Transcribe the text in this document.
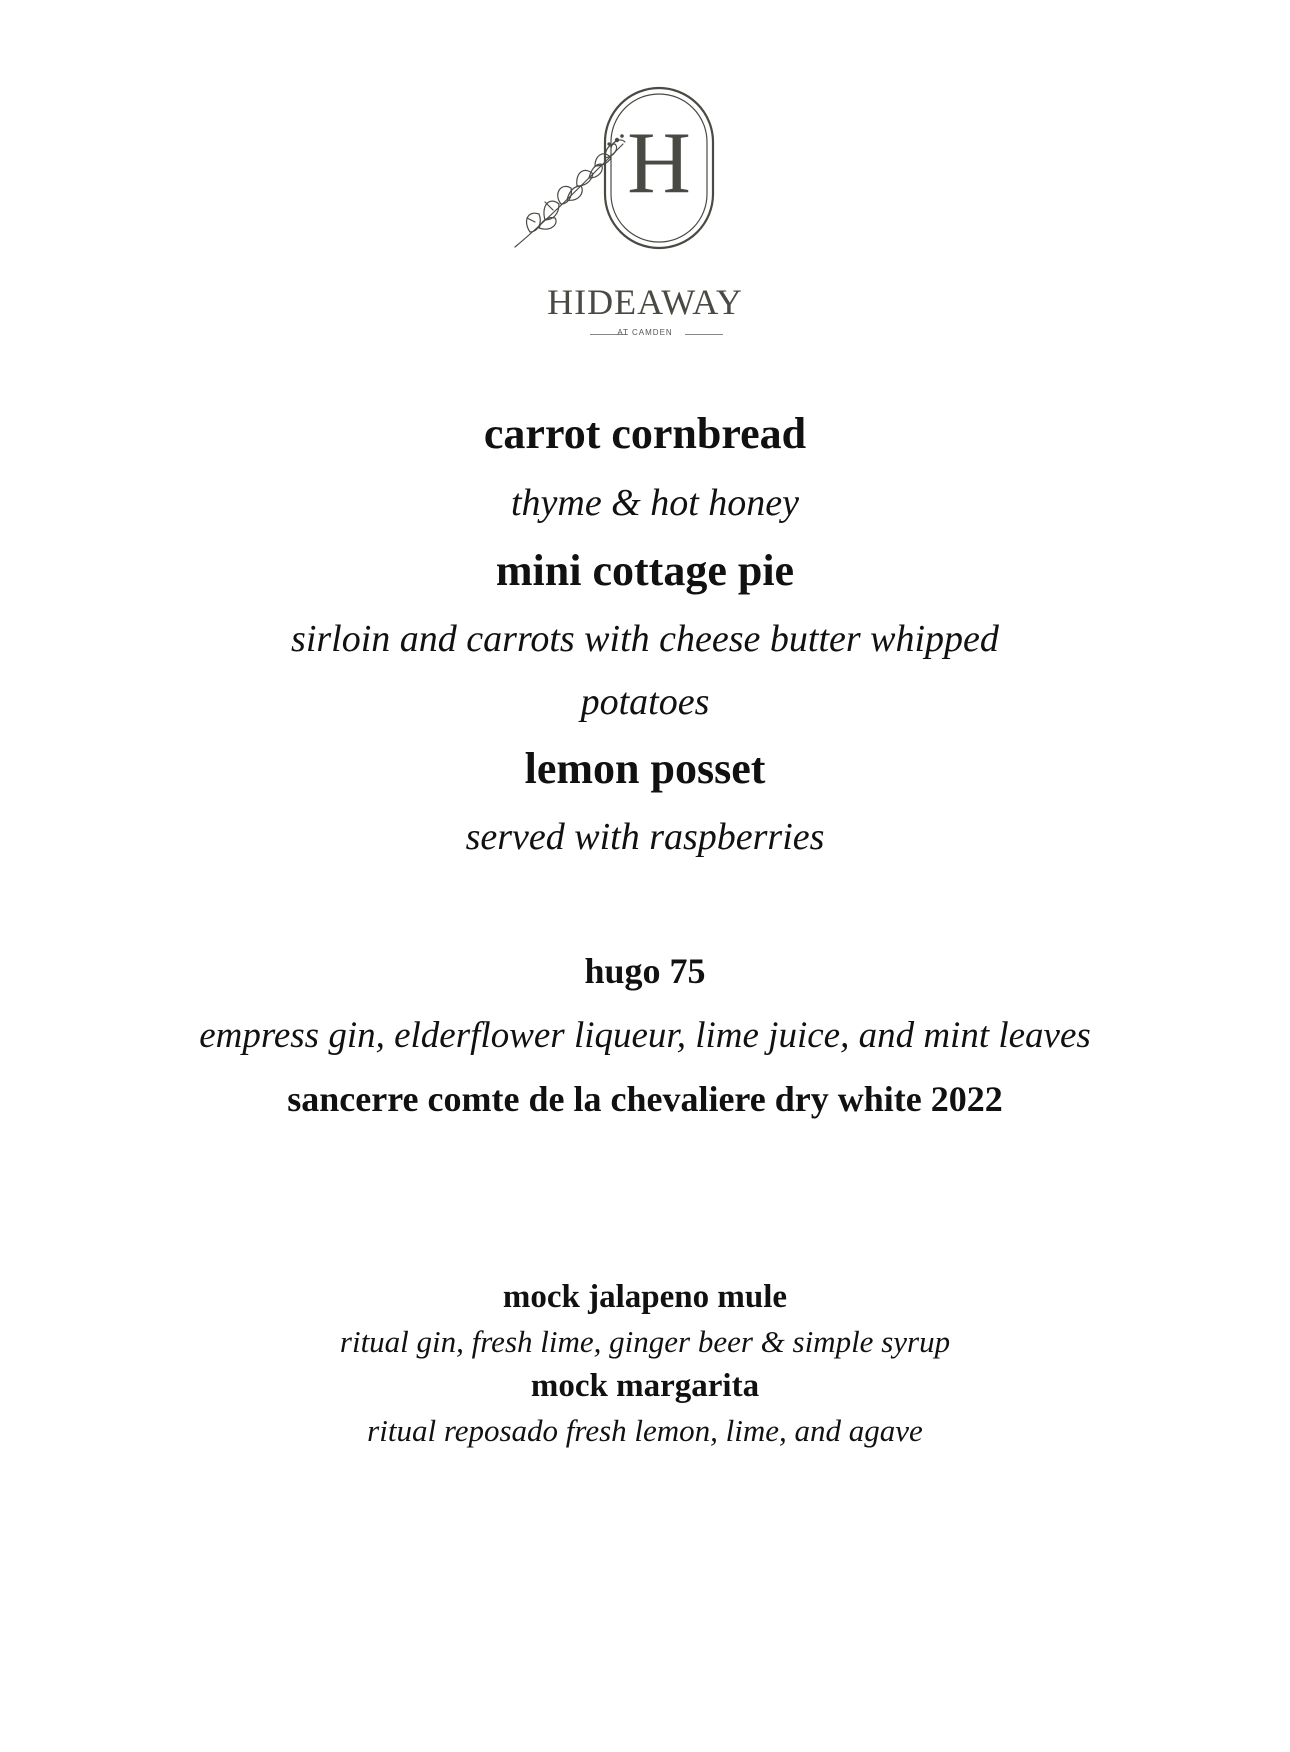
H
HIDEAWAY
AT CAMDEN
carrot cornbread
thyme & hot honey
mini cottage pie
sirloin and carrots with cheese butter whipped
potatoes
lemon posset
served with raspberries
hugo 75
empress gin, elderflower liqueur, lime juice, and mint leaves
sancerre comte de la chevaliere dry white 2022
mock jalapeno mule
ritual gin, fresh lime, ginger beer & simple syrup
mock margarita
ritual reposado fresh lemon, lime, and agave
